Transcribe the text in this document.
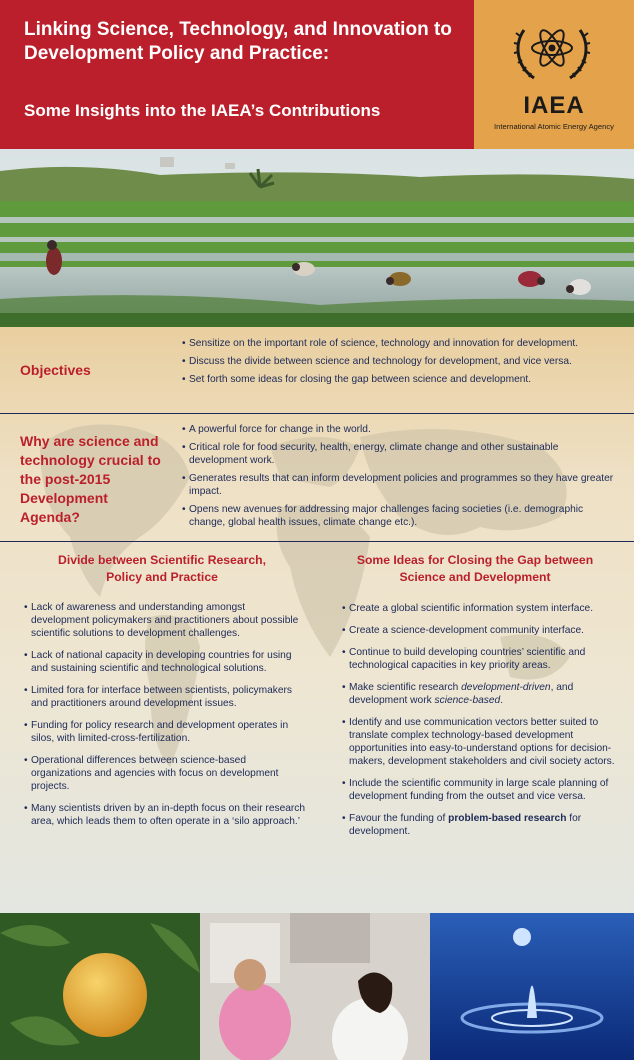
Linking Science, Technology, and Innovation to Development Policy and Practice:
Some Insights into the IAEA’s Contributions	IAEA
International Atomic Energy Agency
Objectives
• Sensitize on the important role of science, technology and innovation for development.
• Discuss the divide between science and technology for development, and vice versa.
• Set forth some ideas for closing the gap between science and development.
Why are science and technology crucial to the post-2015 Development Agenda?
• A powerful force for change in the world.
• Critical role for food security, health, energy, climate change and other sustainable development work.
• Generates results that can inform development policies and programmes so they have greater impact.
• Opens new avenues for addressing major challenges facing societies (i.e. demographic change, global health issues, climate change etc.).
Divide between Scientific Research, Policy and Practice
• Lack of awareness and understanding amongst development policymakers and practitioners about possible scientific solutions to development challenges.
• Lack of national capacity in developing countries for using and sustaining scientific and technological solutions.
• Limited fora for interface between scientists, policymakers and practitioners around development issues.
• Funding for policy research and development operates in silos, with limited-cross-fertilization.
• Operational differences between science-based organizations and agencies with focus on development projects.
• Many scientists driven by an in-depth focus on their research area, which leads them to often operate in a ‘silo approach.’
Some Ideas for Closing the Gap between Science and Development
• Create a global scientific information system interface.
• Create a science-development community interface.
• Continue to build developing countries’ scientific and technological capacities in key priority areas.
• Make scientific research development-driven, and development work science-based.
• Identify and use communication vectors better suited to translate complex technology-based development opportunities into easy-to-understand options for decision-makers, development stakeholders and civil society actors.
• Include the scientific community in large scale planning of development funding from the outset and vice versa.
• Favour the funding of problem-based research for development.
